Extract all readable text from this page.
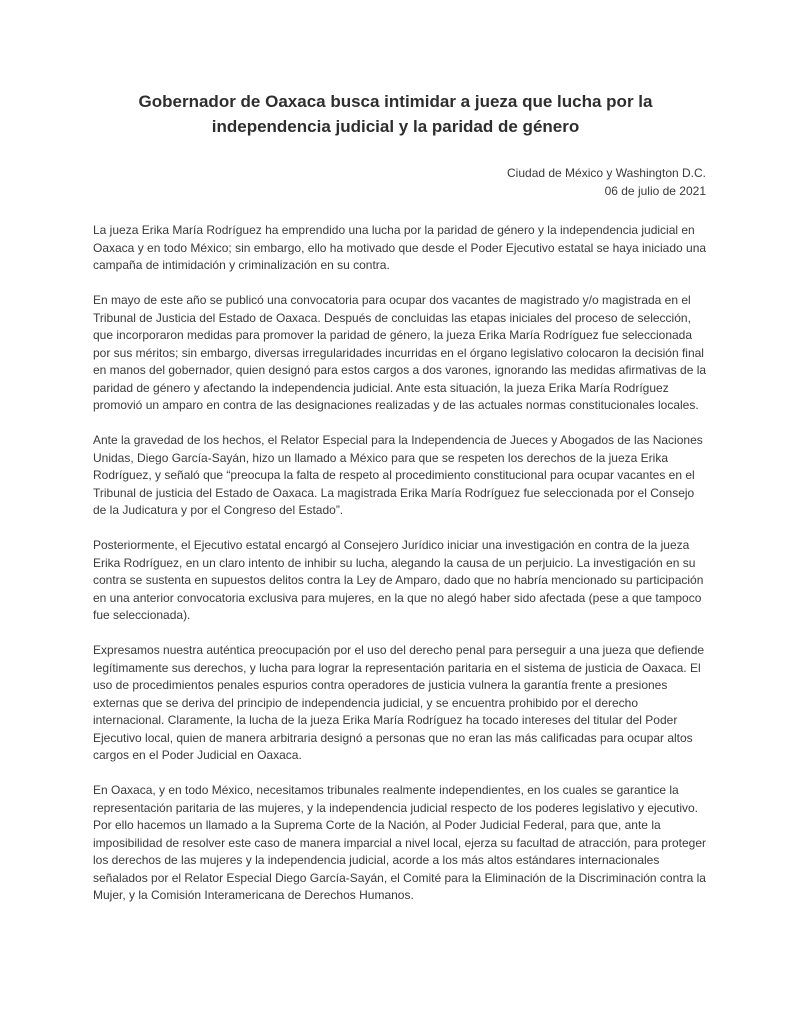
Gobernador de Oaxaca busca intimidar a jueza que lucha por la independencia judicial y la paridad de género
Ciudad de México y Washington D.C.
06 de julio de 2021

La jueza Erika María Rodríguez ha emprendido una lucha por la paridad de género y la independencia judicial en Oaxaca y en todo México; sin embargo, ello ha motivado que desde el Poder Ejecutivo estatal se haya iniciado una campaña de intimidación y criminalización en su contra.

En mayo de este año se publicó una convocatoria para ocupar dos vacantes de magistrado y/o magistrada en el Tribunal de Justicia del Estado de Oaxaca. Después de concluidas las etapas iniciales del proceso de selección, que incorporaron medidas para promover la paridad de género, la jueza Erika María Rodríguez fue seleccionada por sus méritos; sin embargo, diversas irregularidades incurridas en el órgano legislativo colocaron la decisión final en manos del gobernador, quien designó para estos cargos a dos varones, ignorando las medidas afirmativas de la paridad de género y afectando la independencia judicial. Ante esta situación, la jueza Erika María Rodríguez promovió un amparo en contra de las designaciones realizadas y de las actuales normas constitucionales locales.

Ante la gravedad de los hechos, el Relator Especial para la Independencia de Jueces y Abogados de las Naciones Unidas, Diego García-Sayán, hizo un llamado a México para que se respeten los derechos de la jueza Erika Rodríguez, y señaló que “preocupa la falta de respeto al procedimiento constitucional para ocupar vacantes en el Tribunal de justicia del Estado de Oaxaca. La magistrada Erika María Rodríguez fue seleccionada por el Consejo de la Judicatura y por el Congreso del Estado”.

Posteriormente, el Ejecutivo estatal encargó al Consejero Jurídico iniciar una investigación en contra de la jueza Erika Rodríguez, en un claro intento de inhibir su lucha, alegando la causa de un perjuicio. La investigación en su contra se sustenta en supuestos delitos contra la Ley de Amparo, dado que no habría mencionado su participación en una anterior convocatoria exclusiva para mujeres, en la que no alegó haber sido afectada (pese a que tampoco fue seleccionada).

Expresamos nuestra auténtica preocupación por el uso del derecho penal para perseguir a una jueza que defiende legítimamente sus derechos, y lucha para lograr la representación paritaria en el sistema de justicia de Oaxaca. El uso de procedimientos penales espurios contra operadores de justicia vulnera la garantía frente a presiones externas que se deriva del principio de independencia judicial, y se encuentra prohibido por el derecho internacional. Claramente, la lucha de la jueza Erika María Rodríguez ha tocado intereses del titular del Poder Ejecutivo local, quien de manera arbitraria designó a personas que no eran las más calificadas para ocupar altos cargos en el Poder Judicial en Oaxaca.

En Oaxaca, y en todo México, necesitamos tribunales realmente independientes, en los cuales se garantice la representación paritaria de las mujeres, y la independencia judicial respecto de los poderes legislativo y ejecutivo. Por ello hacemos un llamado a la Suprema Corte de la Nación, al Poder Judicial Federal, para que, ante la imposibilidad de resolver este caso de manera imparcial a nivel local, ejerza su facultad de atracción, para proteger los derechos de las mujeres y la independencia judicial, acorde a los más altos estándares internacionales señalados por el Relator Especial Diego García-Sayán, el Comité para la Eliminación de la Discriminación contra la Mujer, y la Comisión Interamericana de Derechos Humanos.
